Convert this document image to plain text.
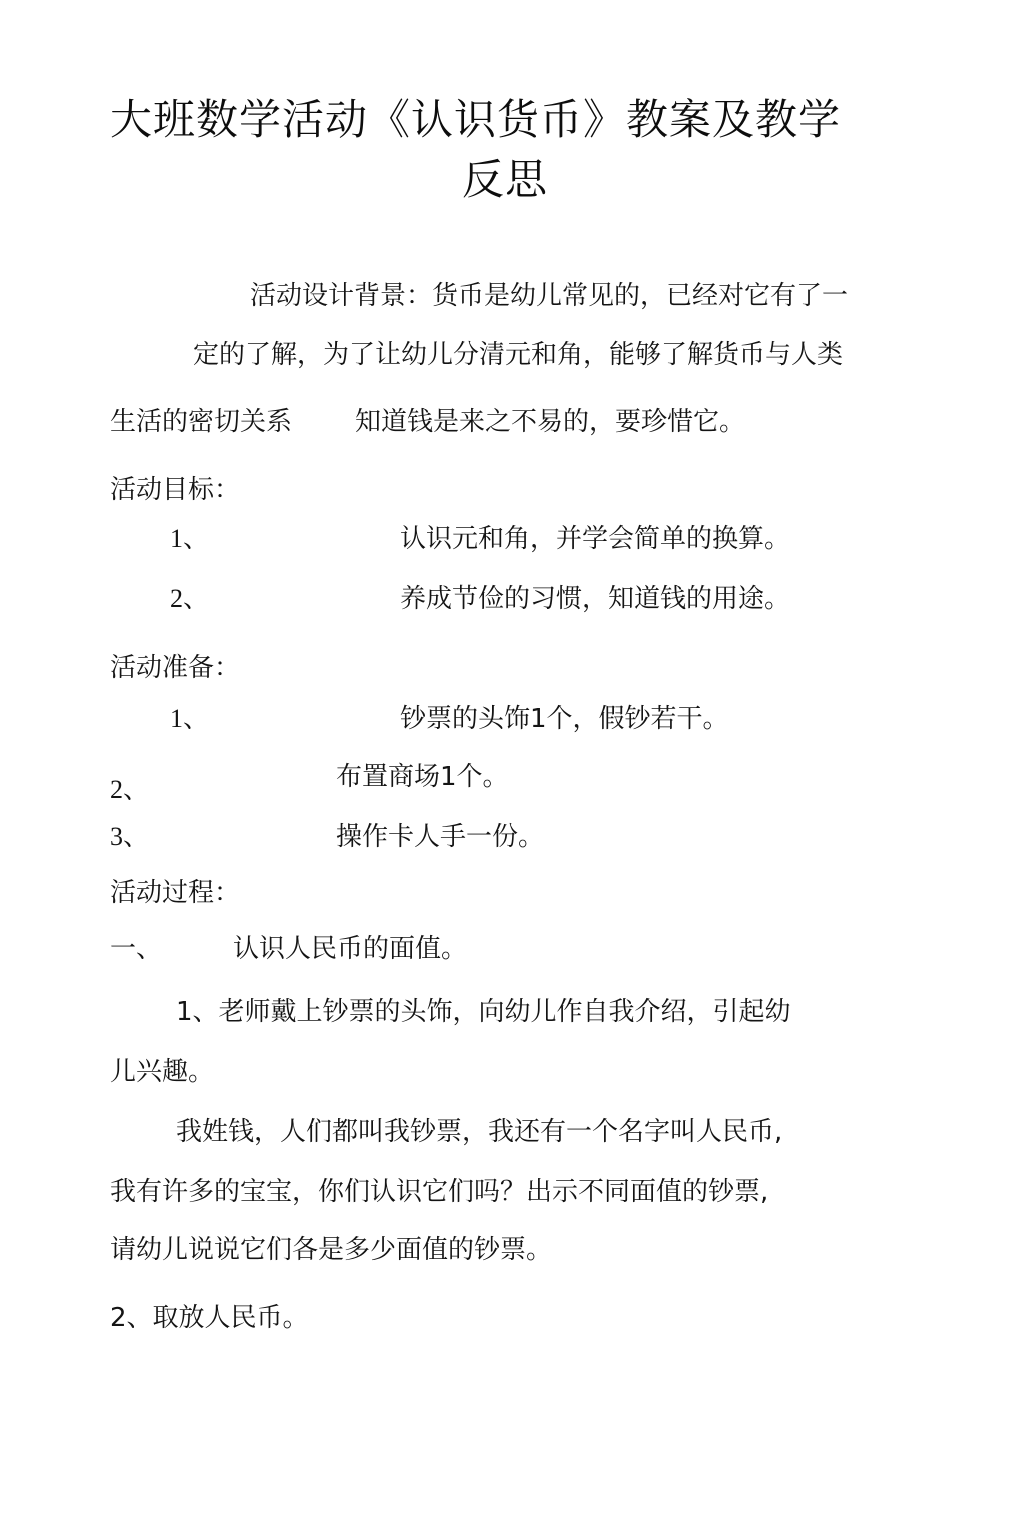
大班数学活动《认识货币》教案及教学
反思
活动设计背景：货币是幼儿常见的，已经对它有了一
定的了解，为了让幼儿分清元和角，能够了解货币与人类
生活的密切关系 知道钱是来之不易的，要珍惜它。
活动目标：
1、	认识元和角，并学会简单的换算。
2、	养成节俭的习惯，知道钱的用途。
活动准备：
1、	钞票的头饰1个，假钞若干。
2、	布置商场1个。
3、	操作卡人手一份。
活动过程：
一、	认识人民币的面值。
1、老师戴上钞票的头饰，向幼儿作自我介绍，引起幼
儿兴趣。
我姓钱，人们都叫我钞票，我还有一个名字叫人民币,
我有许多的宝宝，你们认识它们吗？出示不同面值的钞票,
请幼儿说说它们各是多少面值的钞票。
2、取放人民币。
